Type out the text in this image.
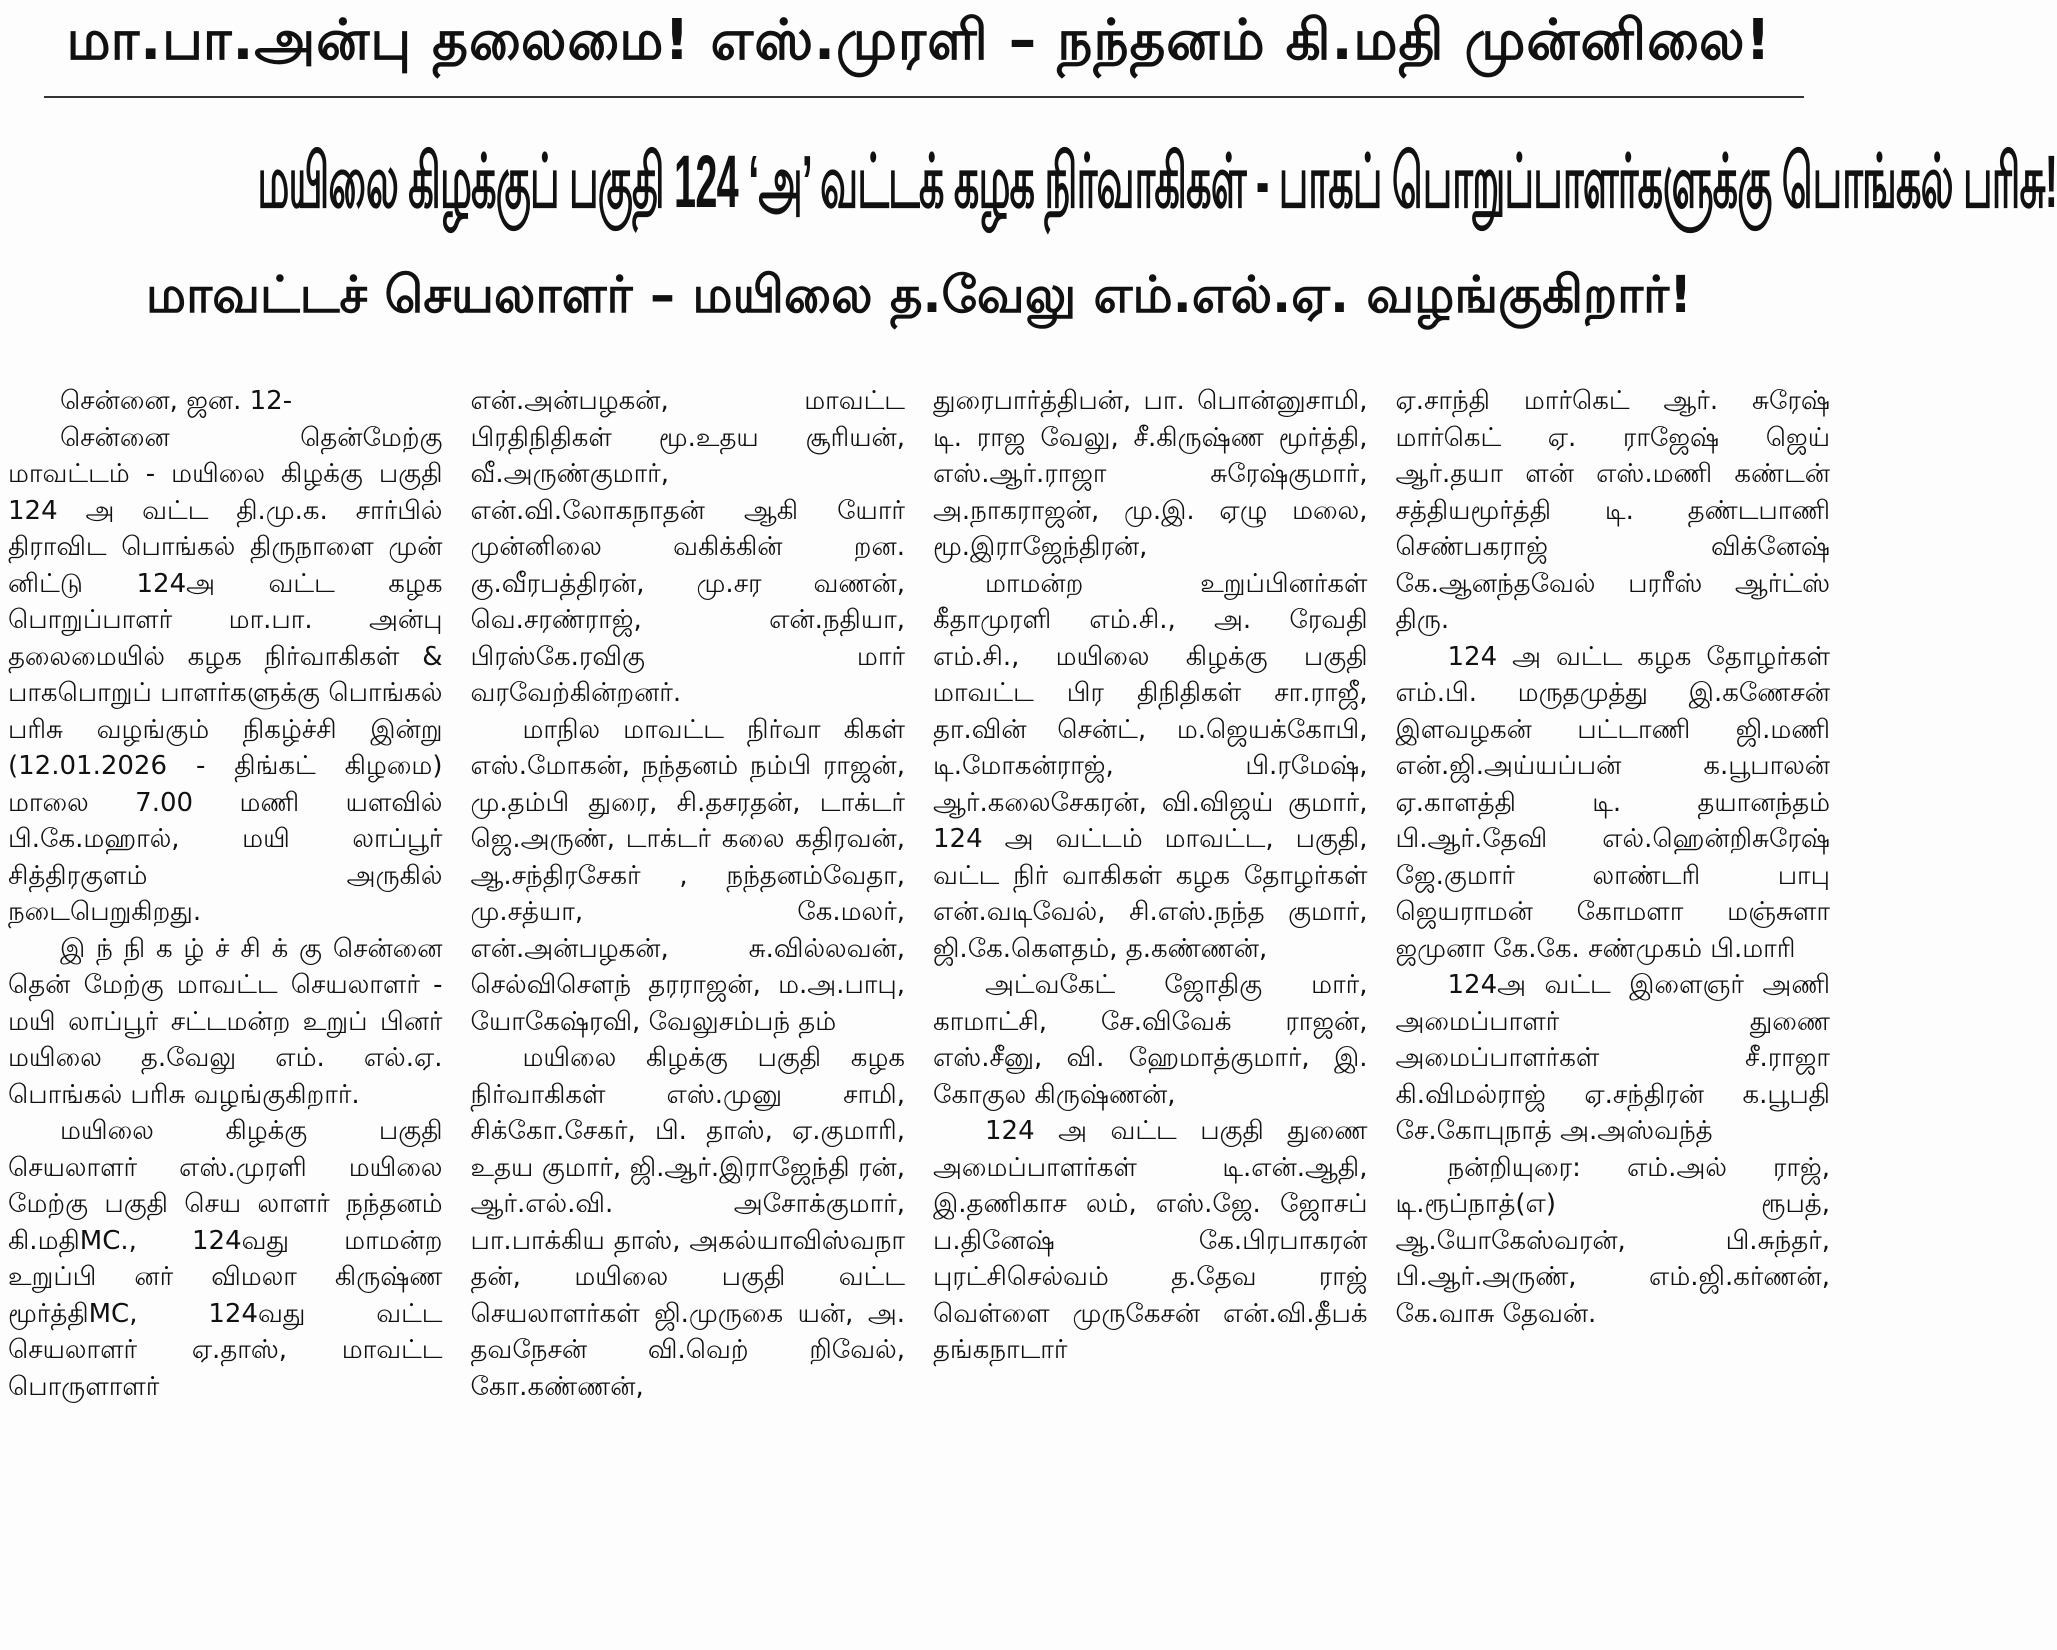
மா.பா.அன்பு தலைமை! எஸ்.முரளி – நந்தனம் கி.மதி முன்னிலை!
மயிலை கிழக்குப் பகுதி 124 ‘அ’ வட்டக் கழக நிர்வாகிகள் - பாகப் பொறுப்பாளர்களுக்கு பொங்கல் பரிசு!
மாவட்டச் செயலாளர் – மயிலை த.வேலு எம்.எல்.ஏ. வழங்குகிறார்!

சென்னை, ஜன. 12-

சென்னை தென்மேற்கு மாவட்டம் - மயிலை கிழக்கு பகுதி 124 அ வட்ட தி.மு.க. சார்பில் திராவிட பொங்கல் திருநாளை முன் னிட்டு 124அ வட்ட கழக பொறுப்பாளர் மா.பா. அன்பு தலைமையில் கழக நிர்வாகிகள் & பாகபொறுப் பாளர்களுக்கு பொங்கல் பரிசு வழங்கும் நிகழ்ச்சி இன்று (12.01.2026 - திங்கட் கிழமை) மாலை 7.00 மணி யளவில் பி.கே.மஹால், மயி லாப்பூர் சித்திரகுளம் அருகில் நடைபெறுகிறது.

இ ந் நி க ழ் ச் சி க் கு சென்னை தென் மேற்கு மாவட்ட செயலாளர் - மயி லாப்பூர் சட்டமன்ற உறுப் பினர் மயிலை த.வேலு எம். எல்.ஏ. பொங்கல் பரிசு வழங்குகிறார்.

மயிலை கிழக்கு பகுதி செயலாளர் எஸ்.முரளி மயிலை மேற்கு பகுதி செய லாளர் நந்தனம் கி.மதிMC., 124வது மாமன்ற உறுப்பி னர் விமலா கிருஷ்ண மூர்த்திMC, 124வது வட்ட செயலாளர் ஏ.தாஸ், மாவட்ட பொருளாளர்

என்.அன்பழகன், மாவட்ட பிரதிநிதிகள் மூ.உதய சூரியன், வீ.அருண்குமார், என்.வி.லோகநாதன் ஆகி யோர் முன்னிலை வகிக்கின் றன. கு.வீரபத்திரன், மு.சர வணன், வெ.சரண்ராஜ், என்.நதியா, பிரஸ்கே.ரவிகு மார் வரவேற்கின்றனர்.

மாநில மாவட்ட நிர்வா கிகள் எஸ்.மோகன், நந்தனம் நம்பி ராஜன், மு.தம்பி துரை, சி.தசரதன், டாக்டர் ஜெ.அருண், டாக்டர் கலை கதிரவன், ஆ.சந்திரசேகர் , நந்தனம்வேதா, மு.சத்யா, கே.மலர், என்.அன்பழகன், சு.வில்லவன், செல்விசௌந் தரராஜன், ம.அ.பாபு, யோகேஷ்ரவி, வேலுசம்பந் தம்

மயிலை கிழக்கு பகுதி கழக நிர்வாகிகள் எஸ்.முனு சாமி, சிக்கோ.சேகர், பி. தாஸ், ஏ.குமாரி, உதய குமார், ஜி.ஆர்.இராஜேந்தி ரன், ஆர்.எல்.வி. அசோக்குமார், பா.பாக்கிய தாஸ், அகல்யாவிஸ்வநா தன், மயிலை பகுதி வட்ட செயலாளர்கள் ஜி.முருகை யன், அ. தவநேசன் வி.வெற் றிவேல், கோ.கண்ணன்,

துரைபார்த்திபன், பா. பொன்னுசாமி, டி. ராஜ வேலு, சீ.கிருஷ்ண மூர்த்தி, எஸ்.ஆர்.ராஜா சுரேஷ்குமார், அ.நாகராஜன், மு.இ. ஏழு மலை, மூ.இராஜேந்திரன்,

மாமன்ற உறுப்பினர்கள் கீதாமுரளி எம்.சி., அ. ரேவதி எம்.சி., மயிலை கிழக்கு பகுதி மாவட்ட பிர திநிதிகள் சா.ராஜீ, தா.வின் சென்ட், ம.ஜெயக்கோபி, டி.மோகன்ராஜ், பி.ரமேஷ், ஆர்.கலைசேகரன், வி.விஜய் குமார், 124 அ வட்டம் மாவட்ட, பகுதி, வட்ட நிர் வாகிகள் கழக தோழர்கள் என்.வடிவேல், சி.எஸ்.நந்த குமார், ஜி.கே.கௌதம், த.கண்ணன்,

அட்வகேட் ஜோதிகு மார், காமாட்சி, சே.விவேக் ராஜன், எஸ்.சீனு, வி. ஹேமாத்குமார், இ. கோகுல கிருஷ்ணன்,

124 அ வட்ட பகுதி துணை அமைப்பாளர்கள் டி.என்.ஆதி, இ.தணிகாச லம், எஸ்.ஜே. ஜோசப் ப.தினேஷ் கே.பிரபாகரன் புரட்சிசெல்வம் த.தேவ ராஜ் வெள்ளை முருகேசன் என்.வி.தீபக் தங்கநாடார்

ஏ.சாந்தி மார்கெட் ஆர். சுரேஷ் மார்கெட் ஏ. ராஜேஷ் ஜெய் ஆர்.தயா ளன் எஸ்.மணி கண்டன் சத்தியமூர்த்தி டி. தண்டபாணி செண்பகராஜ் விக்னேஷ் கே.ஆனந்தவேல் பரரீஸ் ஆர்ட்ஸ் திரு.

124 அ வட்ட கழக தோழர்கள் எம்.பி. மருதமுத்து இ.கணேசன் இளவழகன் பட்டாணி ஜி.மணி என்.ஜி.அய்யப்பன் க.பூபாலன் ஏ.காளத்தி டி. தயானந்தம் பி.ஆர்.தேவி எல்.ஹென்றிசுரேஷ் ஜே.குமார் லாண்டரி பாபு ஜெயராமன் கோமளா மஞ்சுளா ஜமுனா கே.கே. சண்முகம் பி.மாரி

124அ வட்ட இளைஞர் அணி அமைப்பாளர் துணை அமைப்பாளர்கள் சீ.ராஜா கி.விமல்ராஜ் ஏ.சந்திரன் க.பூபதி சே.கோபுநாத் அ.அஸ்வந்த்

நன்றியுரை: எம்.அல் ராஜ், டி.ரூப்நாத்(எ) ரூபத், ஆ.யோகேஸ்வரன், பி.சுந்தர், பி.ஆர்.அருண், எம்.ஜி.கர்ணன், கே.வாசு தேவன்.
